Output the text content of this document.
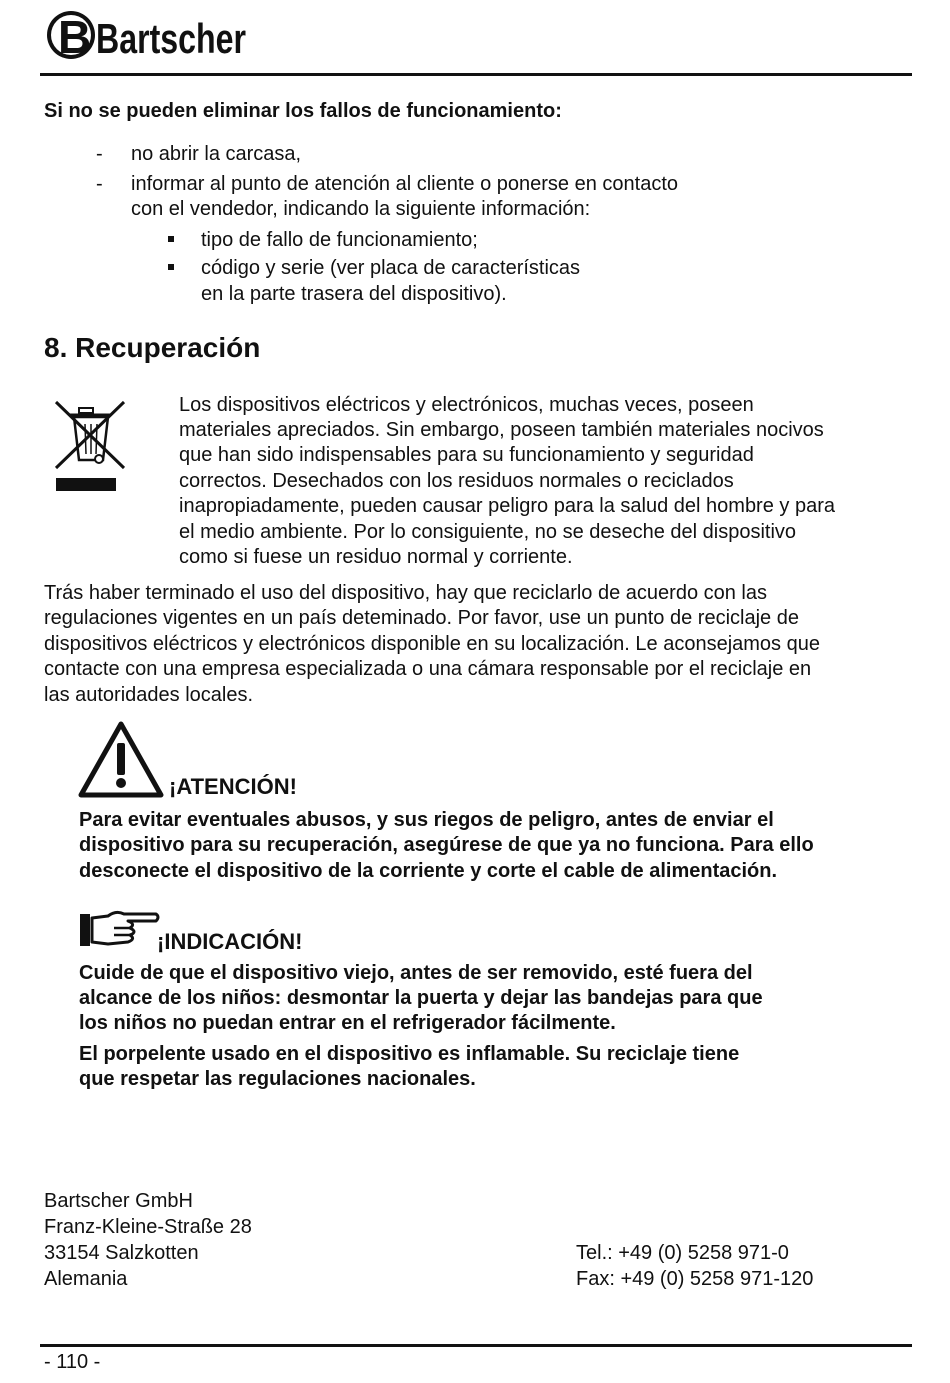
B Bartscher
Si no se pueden eliminar los fallos de funcionamiento:
-	no abrir la carcasa,
-	informar al punto de atención al cliente o ponerse en contacto
con el vendedor, indicando la siguiente información:
tipo de fallo de funcionamiento;
código y serie (ver placa de características
en la parte trasera del dispositivo).
8. Recuperación
Los dispositivos eléctricos y electrónicos, muchas veces, poseen
materiales apreciados. Sin embargo, poseen también materiales nocivos
que han sido indispensables para su funcionamiento y seguridad
correctos. Desechados con los residuos normales o reciclados
inapropiadamente, pueden causar peligro para la salud del hombre y para
el medio ambiente. Por lo consiguiente, no se deseche del dispositivo
como si fuese un residuo normal y corriente.
Trás haber terminado el uso del dispositivo, hay que reciclarlo de acuerdo con las
regulaciones vigentes en un país deteminado. Por favor, use un punto de reciclaje de
dispositivos eléctricos y electrónicos disponible en su localización. Le aconsejamos que
contacte con una empresa especializada o una cámara responsable por el reciclaje en
las autoridades locales.
¡ATENCIÓN!
Para evitar eventuales abusos, y sus riegos de peligro, antes de enviar el
dispositivo para su recuperación, asegúrese de que ya no funciona. Para ello
desconecte el dispositivo de la corriente y corte el cable de alimentación.
¡INDICACIÓN!
Cuide de que el dispositivo viejo, antes de ser removido, esté fuera del
alcance de los niños: desmontar la puerta y dejar las bandejas para que
los niños no puedan entrar en el refrigerador fácilmente.
El porpelente usado en el dispositivo es inflamable. Su reciclaje tiene
que respetar las regulaciones nacionales.
Bartscher GmbH
Franz-Kleine-Straße 28
33154 Salzkotten
Alemania
Tel.: +49 (0) 5258 971-0
Fax: +49 (0) 5258 971-120
- 110 -
